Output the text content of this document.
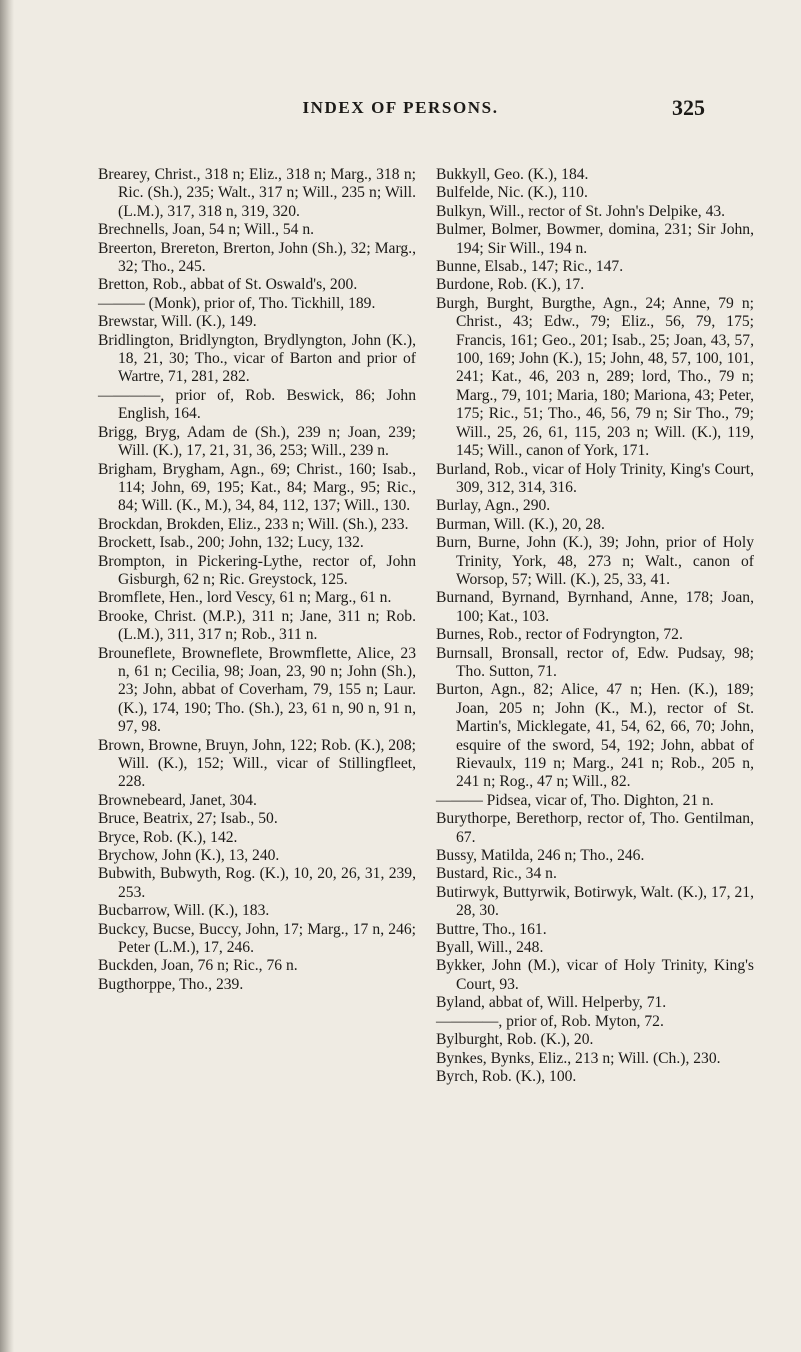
INDEX OF PERSONS.	325

Brearey, Christ., 318 n; Eliz., 318 n; Marg., 318 n; Ric. (Sh.), 235; Walt., 317 n; Will., 235 n; Will. (L.M.), 317, 318 n, 319, 320.

Brechnells, Joan, 54 n; Will., 54 n.

Breerton, Brereton, Brerton, John (Sh.), 32; Marg., 32; Tho., 245.

Bretton, Rob., abbat of St. Oswald's, 200.

——— (Monk), prior of, Tho. Tickhill, 189.

Brewstar, Will. (K.), 149.

Bridlington, Bridlyngton, Brydlyngton, John (K.), 18, 21, 30; Tho., vicar of Barton and prior of Wartre, 71, 281, 282.

————, prior of, Rob. Beswick, 86; John English, 164.

Brigg, Bryg, Adam de (Sh.), 239 n; Joan, 239; Will. (K.), 17, 21, 31, 36, 253; Will., 239 n.

Brigham, Brygham, Agn., 69; Christ., 160; Isab., 114; John, 69, 195; Kat., 84; Marg., 95; Ric., 84; Will. (K., M.), 34, 84, 112, 137; Will., 130.

Brockdan, Brokden, Eliz., 233 n; Will. (Sh.), 233.

Brockett, Isab., 200; John, 132; Lucy, 132.

Brompton, in Pickering-Lythe, rector of, John Gisburgh, 62 n; Ric. Greystock, 125.

Bromflete, Hen., lord Vescy, 61 n; Marg., 61 n.

Brooke, Christ. (M.P.), 311 n; Jane, 311 n; Rob. (L.M.), 311, 317 n; Rob., 311 n.

Brouneflete, Browneflete, Browmflette, Alice, 23 n, 61 n; Cecilia, 98; Joan, 23, 90 n; John (Sh.), 23; John, abbat of Coverham, 79, 155 n; Laur. (K.), 174, 190; Tho. (Sh.), 23, 61 n, 90 n, 91 n, 97, 98.

Brown, Browne, Bruyn, John, 122; Rob. (K.), 208; Will. (K.), 152; Will., vicar of Stillingfleet, 228.

Brownebeard, Janet, 304.

Bruce, Beatrix, 27; Isab., 50.

Bryce, Rob. (K.), 142.

Brychow, John (K.), 13, 240.

Bubwith, Bubwyth, Rog. (K.), 10, 20, 26, 31, 239, 253.

Bucbarrow, Will. (K.), 183.

Buckcy, Bucse, Buccy, John, 17; Marg., 17 n, 246; Peter (L.M.), 17, 246.

Buckden, Joan, 76 n; Ric., 76 n.

Bugthorppe, Tho., 239.

Bukkyll, Geo. (K.), 184.

Bulfelde, Nic. (K.), 110.

Bulkyn, Will., rector of St. John's Delpike, 43.

Bulmer, Bolmer, Bowmer, domina, 231; Sir John, 194; Sir Will., 194 n.

Bunne, Elsab., 147; Ric., 147.

Burdone, Rob. (K.), 17.

Burgh, Burght, Burgthe, Agn., 24; Anne, 79 n; Christ., 43; Edw., 79; Eliz., 56, 79, 175; Francis, 161; Geo., 201; Isab., 25; Joan, 43, 57, 100, 169; John (K.), 15; John, 48, 57, 100, 101, 241; Kat., 46, 203 n, 289; lord, Tho., 79 n; Marg., 79, 101; Maria, 180; Mariona, 43; Peter, 175; Ric., 51; Tho., 46, 56, 79 n; Sir Tho., 79; Will., 25, 26, 61, 115, 203 n; Will. (K.), 119, 145; Will., canon of York, 171.

Burland, Rob., vicar of Holy Trinity, King's Court, 309, 312, 314, 316.

Burlay, Agn., 290.

Burman, Will. (K.), 20, 28.

Burn, Burne, John (K.), 39; John, prior of Holy Trinity, York, 48, 273 n; Walt., canon of Worsop, 57; Will. (K.), 25, 33, 41.

Burnand, Byrnand, Byrnhand, Anne, 178; Joan, 100; Kat., 103.

Burnes, Rob., rector of Fodryngton, 72.

Burnsall, Bronsall, rector of, Edw. Pudsay, 98; Tho. Sutton, 71.

Burton, Agn., 82; Alice, 47 n; Hen. (K.), 189; Joan, 205 n; John (K., M.), rector of St. Martin's, Micklegate, 41, 54, 62, 66, 70; John, esquire of the sword, 54, 192; John, abbat of Rievaulx, 119 n; Marg., 241 n; Rob., 205 n, 241 n; Rog., 47 n; Will., 82.

——— Pidsea, vicar of, Tho. Dighton, 21 n.

Burythorpe, Berethorp, rector of, Tho. Gentilman, 67.

Bussy, Matilda, 246 n; Tho., 246.

Bustard, Ric., 34 n.

Butirwyk, Buttyrwik, Botirwyk, Walt. (K.), 17, 21, 28, 30.

Buttre, Tho., 161.

Byall, Will., 248.

Bykker, John (M.), vicar of Holy Trinity, King's Court, 93.

Byland, abbat of, Will. Helperby, 71.

————, prior of, Rob. Myton, 72.

Bylburght, Rob. (K.), 20.

Bynkes, Bynks, Eliz., 213 n; Will. (Ch.), 230.

Byrch, Rob. (K.), 100.
